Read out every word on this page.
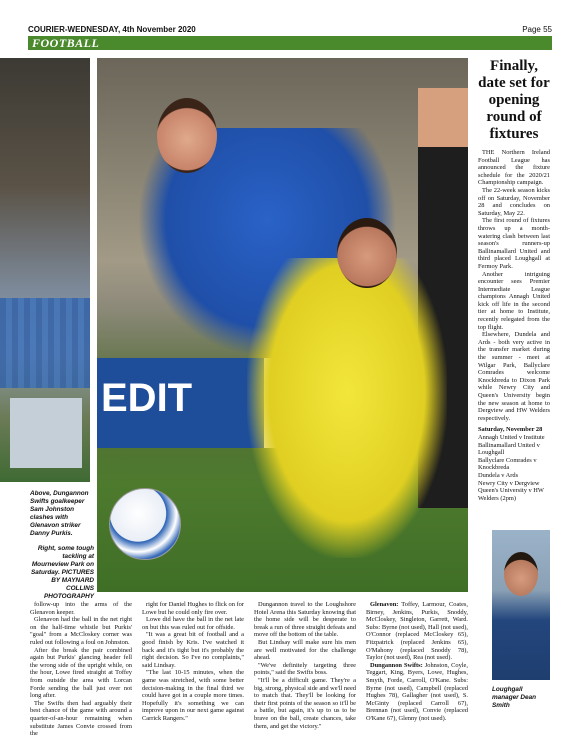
COURIER-WEDNESDAY, 4th November 2020	Page 55
FOOTBALL
EDIT
Above, Dungannon Swifts goalkeeper Sam Johnston clashes with Glenavon striker Danny Purkis.
Right, some tough tackling at Mourneview Park on Saturday. PICTURES BY MAYNARD COLLINS PHOTOGRAPHY

follow-up into the arms of the Glenavon keeper.

Glenavon had the ball in the net right on the half-time whistle but Purkis' "goal" from a McCloskey corner was ruled out following a foul on Johnston.

After the break the pair combined again but Purkis' glancing header fell the wrong side of the upright while, on the hour, Lowe fired straight at Toffey from outside the area with Lorcan Forde sending the ball just over not long after.

The Swifts then had arguably their best chance of the game with around a quarter-of-an-hour remaining when substitute James Convie crossed from the

right for Daniel Hughes to flick on for Lowe but he could only fire over.

Lowe did have the ball in the net late on but this was ruled out for offside.

"It was a great bit of football and a good finish by Kris. I've watched it back and it's tight but it's probably the right decision. So I've no complaints," said Lindsay.

"The last 10-15 minutes, when the game was stretched, with some better decision-making in the final third we could have got in a couple more times. Hopefully it's something we can improve upon in our next game against Carrick Rangers."

Dungannon travel to the Loughshore Hotel Arena this Saturday knowing that the home side will be desperate to break a run of three straight defeats and move off the bottom of the table.

But Lindsay will make sure his men are well motivated for the challenge ahead.

"We've definitely targeting three points," said the Swifts boss.

"It'll be a difficult game. They're a big, strong, physical side and we'll need to match that. They'll be looking for their first points of the season so it'll be a battle, but again, it's up to us to be brave on the ball, create chances, take them, and get the victory."

Glenavon: Toffey, Larmour, Coates, Birney, Jenkins, Purkis, Snoddy, McCloskey, Singleton, Garrett, Ward. Subs: Byrne (not used), Hall (not used), O'Connor (replaced McCloskey 65), Fitzpatrick (replaced Jenkins 65), O'Mahony (replaced Snoddy 78), Taylor (not used), Rea (not used).

Dungannon Swifts: Johnston, Coyle, Teggart, King, Byers, Lowe, Hughes, Smyth, Forde, Carroll, O'Kane. Subs: Byrne (not used), Campbell (replaced Hughes 78), Gallagher (not used), S. McGinty (replaced Carroll 67), Brennan (not used), Convie (replaced O'Kane 67), Glenny (not used).

Finally, date set for opening round of fixtures

THE Northern Ireland Football League has announced the fixture schedule for the 2020/21 Championship campaign.

The 22-week season kicks off on Saturday, November 28 and concludes on Saturday, May 22.

The first round of fixtures throws up a month-watering clash between last season's runners-up Ballinamallard United and third placed Loughgall at Fermoy Park.

Another intriguing encounter sees Premier Intermediate League champions Annagh United kick off life in the second tier at home to Institute, recently relegated from the top flight.

Elsewhere, Dundela and Ards - both very active in the transfer market during the summer - meet at Wilgar Park, Ballyclare Comrades welcome Knockbreda to Dixon Park while Newry City and Queen's University begin the new season at home to Dergview and HW Welders respectively.

Saturday, November 28
Annagh United v Institute
Ballinamallard United v Loughgall
Ballyclare Comrades v Knockbreda
Dundela v Ards
Newry City v Dergview
Queen's University v HW Welders (2pm)
Loughgall manager Dean Smith
